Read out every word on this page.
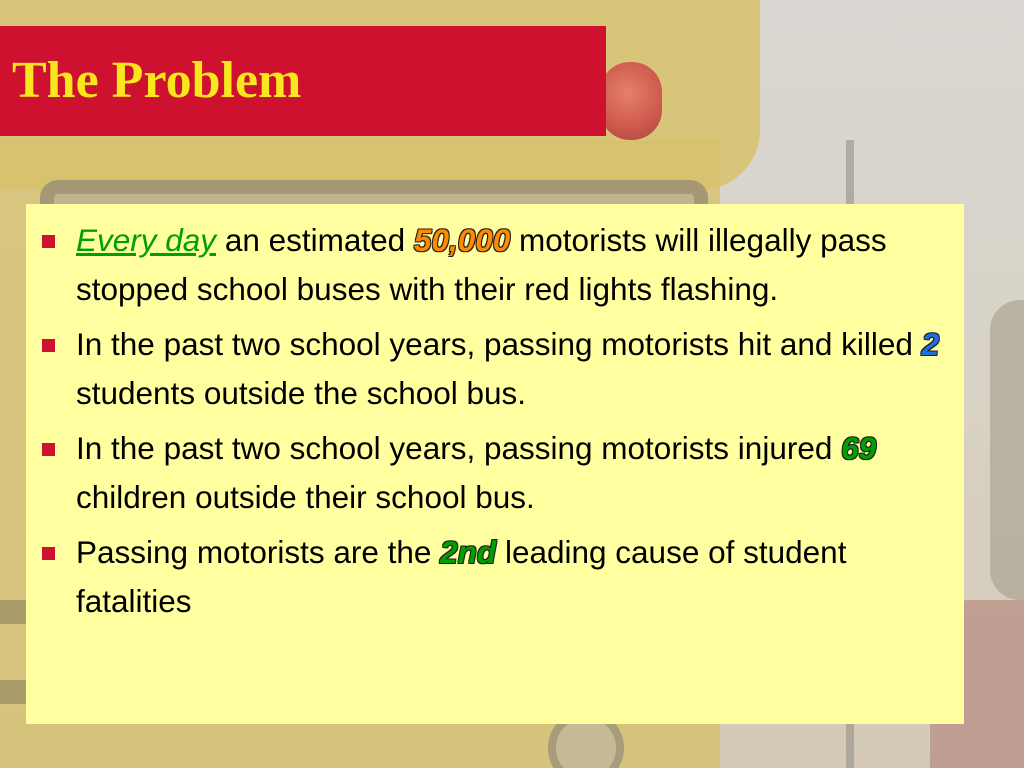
The Problem
Every day an estimated 50,000 motorists will illegally pass stopped school buses with their red lights flashing.
In the past two school years, passing motorists hit and killed 2 students outside the school bus.
In the past two school years, passing motorists injured 69 children outside their school bus.
Passing motorists are the 2nd leading cause of student fatalities
